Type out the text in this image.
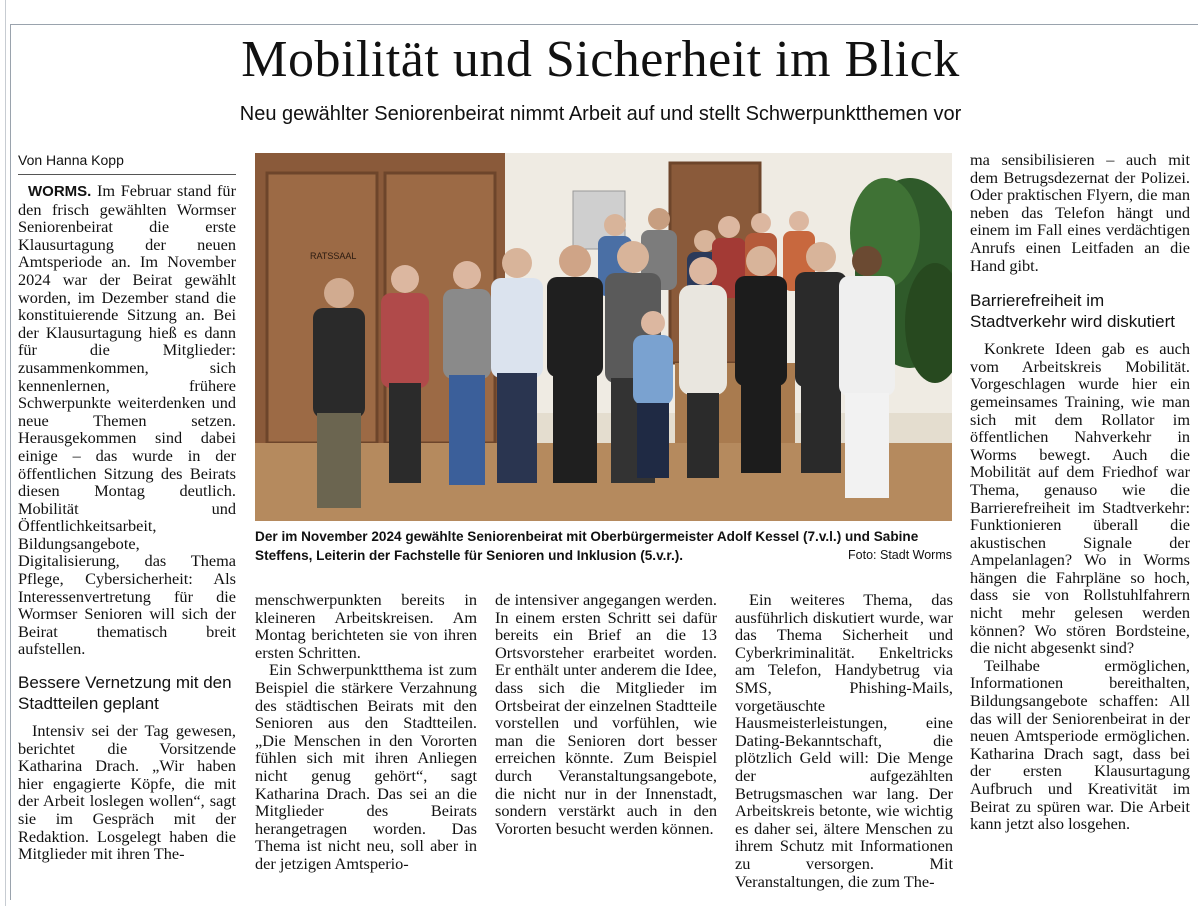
Mobilität und Sicherheit im Blick
Neu gewählter Seniorenbeirat nimmt Arbeit auf und stellt Schwerpunktthemen vor
Von Hanna Kopp

WORMS. Im Februar stand für den frisch gewählten Wormser Seniorenbeirat die erste Klausurtagung der neuen Amtsperiode an. Im November 2024 war der Beirat gewählt worden, im Dezember stand die konstituierende Sitzung an. Bei der Klausurtagung hieß es dann für die Mitglieder: zusammenkommen, sich kennenlernen, frühere Schwerpunkte weiterdenken und neue Themen setzen. Herausgekommen sind dabei einige – das wurde in der öffentlichen Sitzung des Beirats diesen Montag deutlich. Mobilität und Öffentlichkeitsarbeit, Bildungsangebote, Digitalisierung, das Thema Pflege, Cybersicherheit: Als Interessenvertretung für die Wormser Senioren will sich der Beirat thematisch breit aufstellen.

Bessere Vernetzung mit den Stadtteilen geplant

Intensiv sei der Tag gewesen, berichtet die Vorsitzende Katharina Drach. „Wir haben hier engagierte Köpfe, die mit der Arbeit loslegen wollen“, sagt sie im Gespräch mit der Redaktion. Losgelegt haben die Mitglieder mit ihren The-

RATSSAAL
Der im November 2024 gewählte Seniorenbeirat mit Oberbürgermeister Adolf Kessel (7.v.l.) und Sabine Steffens, Leiterin der Fachstelle für Senioren und Inklusion (5.v.r.).	Foto: Stadt Worms

menschwerpunkten bereits in kleineren Arbeitskreisen. Am Montag berichteten sie von ihren ersten Schritten.

Ein Schwerpunktthema ist zum Beispiel die stärkere Verzahnung des städtischen Beirats mit den Senioren aus den Stadtteilen. „Die Menschen in den Vororten fühlen sich mit ihren Anliegen nicht genug gehört“, sagt Katharina Drach. Das sei an die Mitglieder des Beirats herangetragen worden. Das Thema ist nicht neu, soll aber in der jetzigen Amtsperio-

de intensiver angegangen werden. In einem ersten Schritt sei dafür bereits ein Brief an die 13 Ortsvorsteher erarbeitet worden. Er enthält unter anderem die Idee, dass sich die Mitglieder im Ortsbeirat der einzelnen Stadtteile vorstellen und vorfühlen, wie man die Senioren dort besser erreichen könnte. Zum Beispiel durch Veranstaltungsangebote, die nicht nur in der Innenstadt, sondern verstärkt auch in den Vororten besucht werden können.

Ein weiteres Thema, das ausführlich diskutiert wurde, war das Thema Sicherheit und Cyberkriminalität. Enkeltricks am Telefon, Handybetrug via SMS, Phishing-Mails, vorgetäuschte Hausmeisterleistungen, eine Dating-Bekanntschaft, die plötzlich Geld will: Die Menge der aufgezählten Betrugsmaschen war lang. Der Arbeitskreis betonte, wie wichtig es daher sei, ältere Menschen zu ihrem Schutz mit Informationen zu versorgen. Mit Veranstaltungen, die zum The-

ma sensibilisieren – auch mit dem Betrugsdezernat der Polizei. Oder praktischen Flyern, die man neben das Telefon hängt und einem im Fall eines verdächtigen Anrufs einen Leitfaden an die Hand gibt.

Barrierefreiheit im Stadtverkehr wird diskutiert

Konkrete Ideen gab es auch vom Arbeitskreis Mobilität. Vorgeschlagen wurde hier ein gemeinsames Training, wie man sich mit dem Rollator im öffentlichen Nahverkehr in Worms bewegt. Auch die Mobilität auf dem Friedhof war Thema, genauso wie die Barrierefreiheit im Stadtverkehr: Funktionieren überall die akustischen Signale der Ampelanlagen? Wo in Worms hängen die Fahrpläne so hoch, dass sie von Rollstuhlfahrern nicht mehr gelesen werden können? Wo stören Bordsteine, die nicht abgesenkt sind?

Teilhabe ermöglichen, Informationen bereithalten, Bildungsangebote schaffen: All das will der Seniorenbeirat in der neuen Amtsperiode ermöglichen. Katharina Drach sagt, dass bei der ersten Klausurtagung Aufbruch und Kreativität im Beirat zu spüren war. Die Arbeit kann jetzt also losgehen.
